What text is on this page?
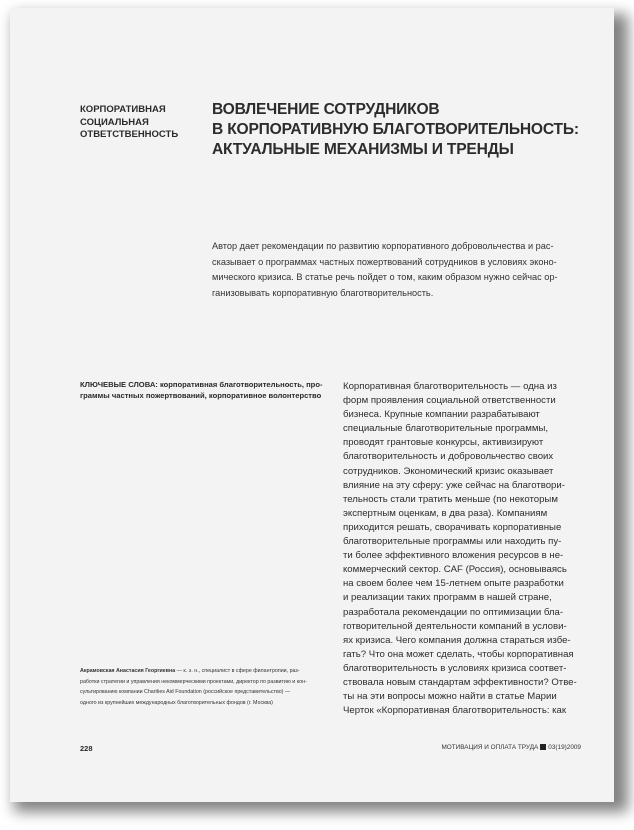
КОРПОРАТИВНАЯ
СОЦИАЛЬНАЯ
ОТВЕТСТВЕННОСТЬ

ВОВЛЕЧЕНИЕ СОТРУДНИКОВ
В КОРПОРАТИВНУЮ БЛАГОТВОРИТЕЛЬНОСТЬ:
АКТУАЛЬНЫЕ МЕХАНИЗМЫ И ТРЕНДЫ

Автор дает рекомендации по развитию корпоративного добровольчества и рас-
сказывает о программах частных пожертвований сотрудников в условиях эконо-
мического кризиса. В статье речь пойдет о том, каким образом нужно сейчас ор-
ганизовывать корпоративную благотворительность.

КЛЮЧЕВЫЕ СЛОВА: корпоративная благотворительность, про-
граммы частных пожертвований, корпоративное волонтерство

Акрамовская Анастасия Георгиевна — к. э. н., специалист в сфере филантропии, раз-
работки стратегии и управления некоммерческими проектами, директор по развитию и кон-
сультированию компании Charities Aid Foundation (российское представительство) —
одного из крупнейших международных благотворительных фондов (г. Москва)

Корпоративная благотворительность — одна из
форм проявления социальной ответственности
бизнеса. Крупные компании разрабатывают
специальные благотворительные программы,
проводят грантовые конкурсы, активизируют
благотворительность и добровольчество своих
сотрудников. Экономический кризис оказывает
влияние на эту сферу: уже сейчас на благотвори-
тельность стали тратить меньше (по некоторым
экспертным оценкам, в два раза). Компаниям
приходится решать, сворачивать корпоративные
благотворительные программы или находить пу-
ти более эффективного вложения ресурсов в не-
коммерческий сектор. CAF (Россия), основываясь
на своем более чем 15-летнем опыте разработки
и реализации таких программ в нашей стране,
разработала рекомендации по оптимизации бла-
готворительной деятельности компаний в услови-
ях кризиса. Чего компания должна стараться избе-
гать? Что она может сделать, чтобы корпоративная
благотворительность в условиях кризиса соответ-
ствовала новым стандартам эффективности? Отве-
ты на эти вопросы можно найти в статье Марии
Черток «Корпоративная благотворительность: как

228	МОТИВАЦИЯ И ОПЛАТА ТРУДА 03(19)2009
